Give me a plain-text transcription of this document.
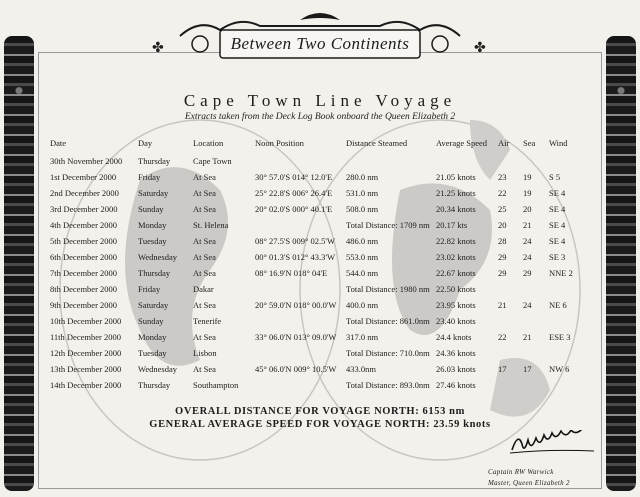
Between Two Continents
Cape Town Line Voyage
Extracts taken from the Deck Log Book onboard the Queen Elizabeth 2
Date	Day	Location	Noon Position	Distance Steamed	Average Speed	Air	Sea	Wind
30th November 2000	Thursday	Cape Town						
1st December 2000	Friday	At Sea	30° 57.0'S 014° 12.0'E	280.0 nm	21.05 knots	23	19	S 5
2nd December 2000	Saturday	At Sea	25° 22.8'S 006° 26.4'E	531.0 nm	21.25 knots	22	19	SE 4
3rd December 2000	Sunday	At Sea	20° 02.0'S 000° 40.1'E	508.0 nm	20.34 knots	25	20	SE 4
4th December 2000	Monday	St. Helena		Total Distance: 1709 nm	20.17 kts	20	21	SE 4
5th December 2000	Tuesday	At Sea	08° 27.5'S 009° 02.5'W	486.0 nm	22.82 knots	28	24	SE 4
6th December 2000	Wednesday	At Sea	00° 01.3'S 012° 43.3'W	553.0 nm	23.02 knots	29	24	SE 3
7th December 2000	Thursday	At Sea	08° 16.9'N 018° 04'E	544.0 nm	22.67 knots	29	29	NNE 2
8th December 2000	Friday	Dakar		Total Distance: 1980 nm	22.50 knots			
9th December 2000	Saturday	At Sea	20° 59.0'N 018° 00.0'W	400.0 nm	23.95 knots	21	24	NE 6
10th December 2000	Sunday	Tenerife		Total Distance: 861.0nm	23.40 knots			
11th December 2000	Monday	At Sea	33° 06.0'N 013° 09.0'W	317.0 nm	24.4 knots	22	21	ESE 3
12th December 2000	Tuesday	Lisbon		Total Distance: 710.0nm	24.36 knots			
13th December 2000	Wednesday	At Sea	45° 06.0'N 009° 10.5'W	433.0nm	26.03 knots	17	17	NW 6
14th December 2000	Thursday	Southampton		Total Distance: 893.0nm	27.46 knots			
OVERALL DISTANCE FOR VOYAGE NORTH: 6153 nm
GENERAL AVERAGE SPEED FOR VOYAGE NORTH: 23.59 knots
Captain RW Warwick
Master, Queen Elizabeth 2
✤	✤
